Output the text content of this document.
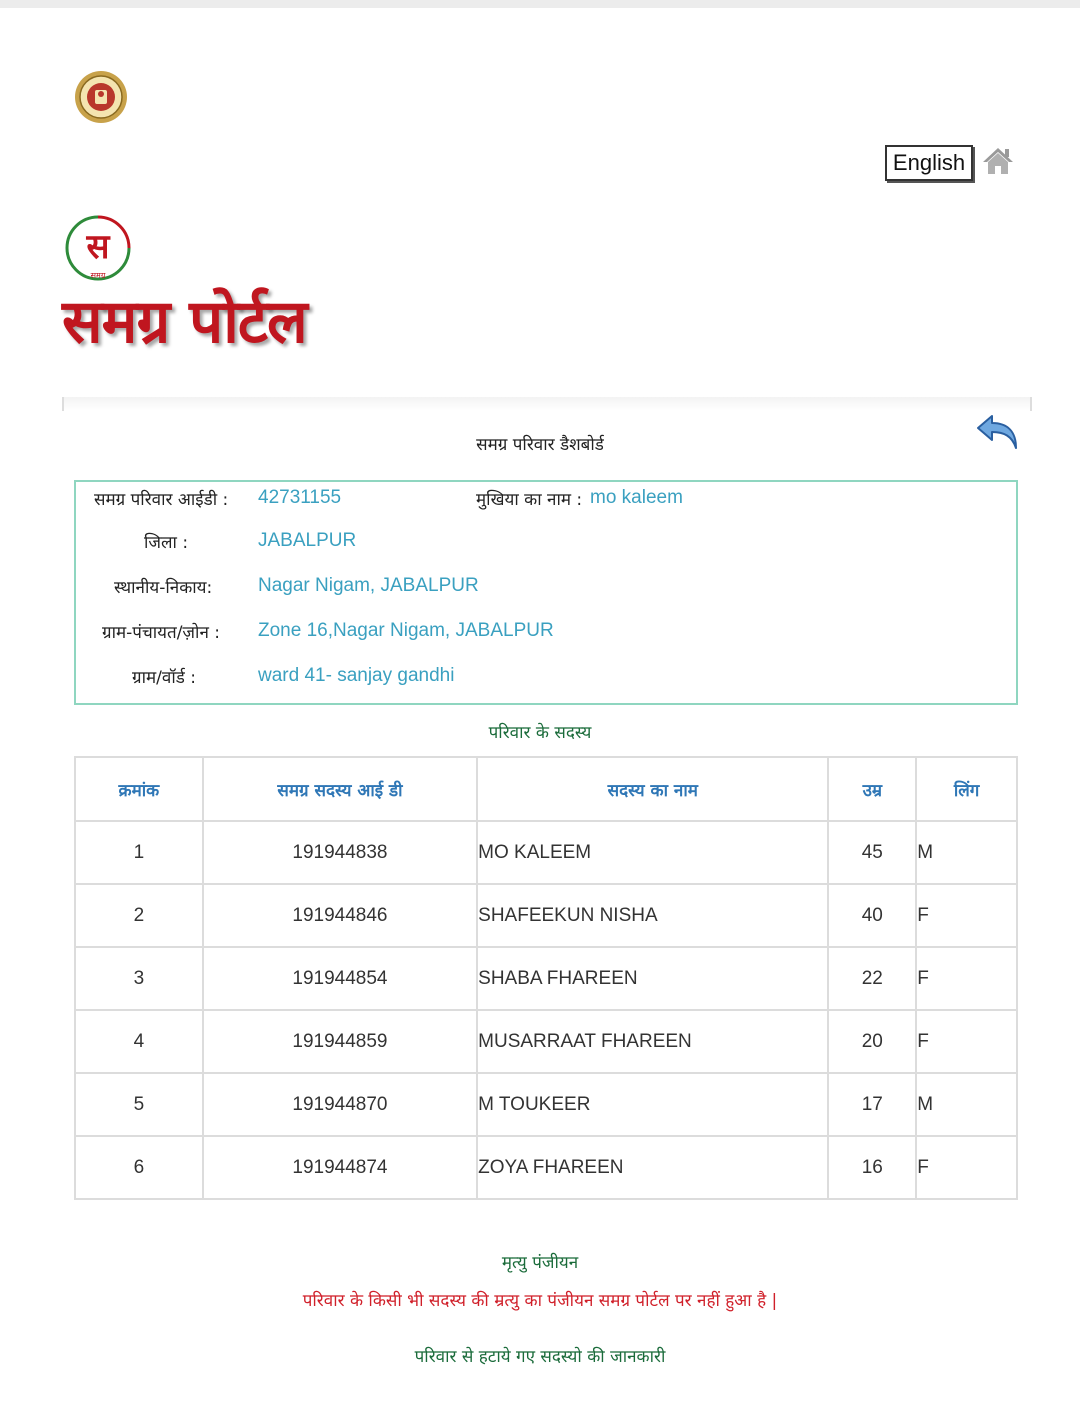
English
स
समग्र
समग्र पोर्टल
समग्र परिवार डैशबोर्ड
समग्र परिवार आईडी : 42731155	मुखिया का नाम : mo kaleem
जिला :	JABALPUR
स्थानीय-निकाय: Nagar Nigam, JABALPUR
ग्राम-पंचायत/ज़ोन : Zone 16,Nagar Nigam, JABALPUR
ग्राम/वॉर्ड :	ward 41- sanjay gandhi
परिवार के सदस्य
क्रमांक	समग्र सदस्य आई डी	सदस्य का नाम	उम्र	लिंग
1	191944838	MO KALEEM	45	M
2	191944846	SHAFEEKUN NISHA	40	F
3	191944854	SHABA FHAREEN	22	F
4	191944859	MUSARRAAT FHAREEN	20	F
5	191944870	M TOUKEER	17	M
6	191944874	ZOYA FHAREEN	16	F
मृत्यु पंजीयन
परिवार के किसी भी सदस्य की म्रत्यु का पंजीयन समग्र पोर्टल पर नहीं हुआ है |
परिवार से हटाये गए सदस्यो की जानकारी
